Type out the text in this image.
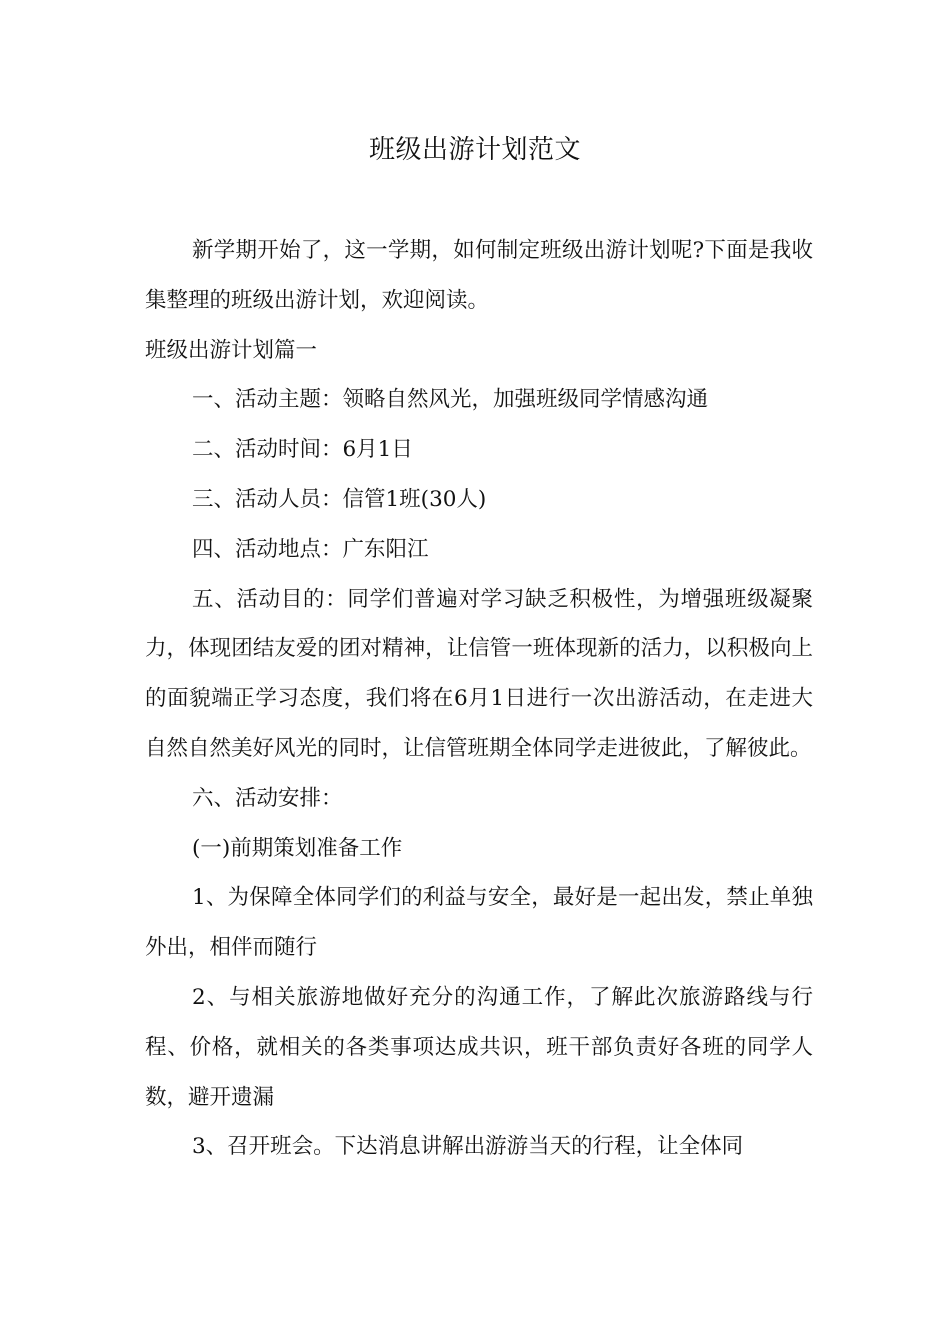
班级出游计划范文

新学期开始了，这一学期，如何制定班级出游计划呢?下面是我收集整理的班级出游计划，欢迎阅读。

班级出游计划篇一

一、活动主题：领略自然风光，加强班级同学情感沟通

二、活动时间：6月1日

三、活动人员：信管1班(30人)

四、活动地点：广东阳江

五、活动目的：同学们普遍对学习缺乏积极性，为增强班级凝聚力，体现团结友爱的团对精神，让信管一班体现新的活力，以积极向上的面貌端正学习态度，我们将在6月1日进行一次出游活动，在走进大自然自然美好风光的同时，让信管班期全体同学走进彼此，了解彼此。

六、活动安排：

(一)前期策划准备工作

1、为保障全体同学们的利益与安全，最好是一起出发，禁止单独外出，相伴而随行

2、与相关旅游地做好充分的沟通工作，了解此次旅游路线与行程、价格，就相关的各类事项达成共识，班干部负责好各班的同学人数，避开遗漏

3、召开班会。下达消息讲解出游游当天的行程，让全体同
